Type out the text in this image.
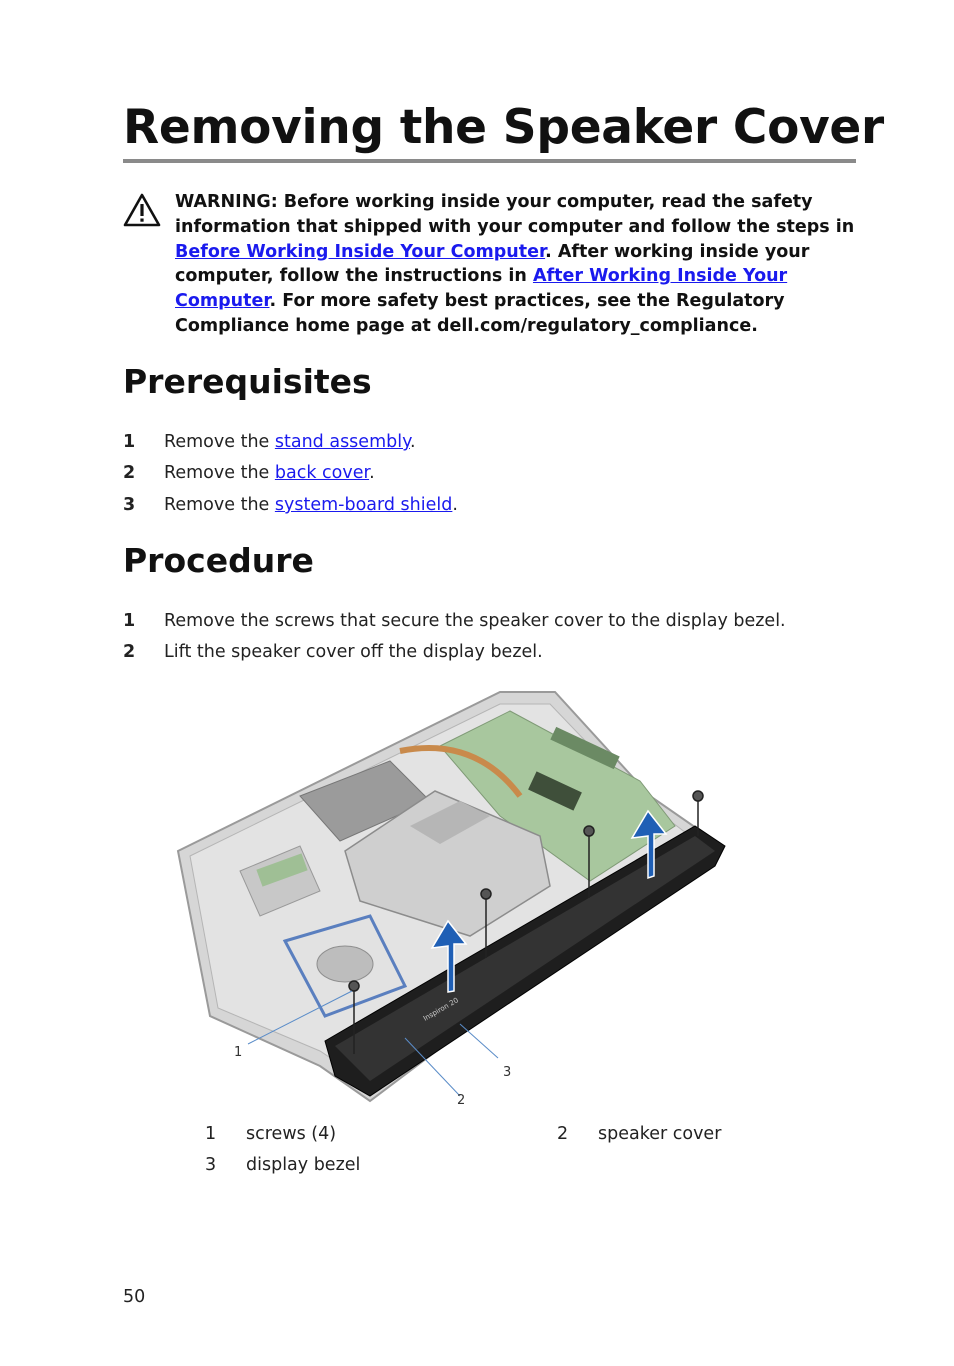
Removing the Speaker Cover
WARNING: Before working inside your computer, read the safety information that shipped with your computer and follow the steps in Before Working Inside Your Computer. After working inside your computer, follow the instructions in After Working Inside Your Computer. For more safety best practices, see the Regulatory Compliance home page at dell.com/regulatory_compliance.
Prerequisites
1	Remove the stand assembly.
2	Remove the back cover.
3	Remove the system-board shield.
Procedure
1	Remove the screws that secure the speaker cover to the display bezel.
2	Lift the speaker cover off the display bezel.
Inspiron 20
1
2
3
1 screws (4)	2 speaker cover
3 display bezel
50
